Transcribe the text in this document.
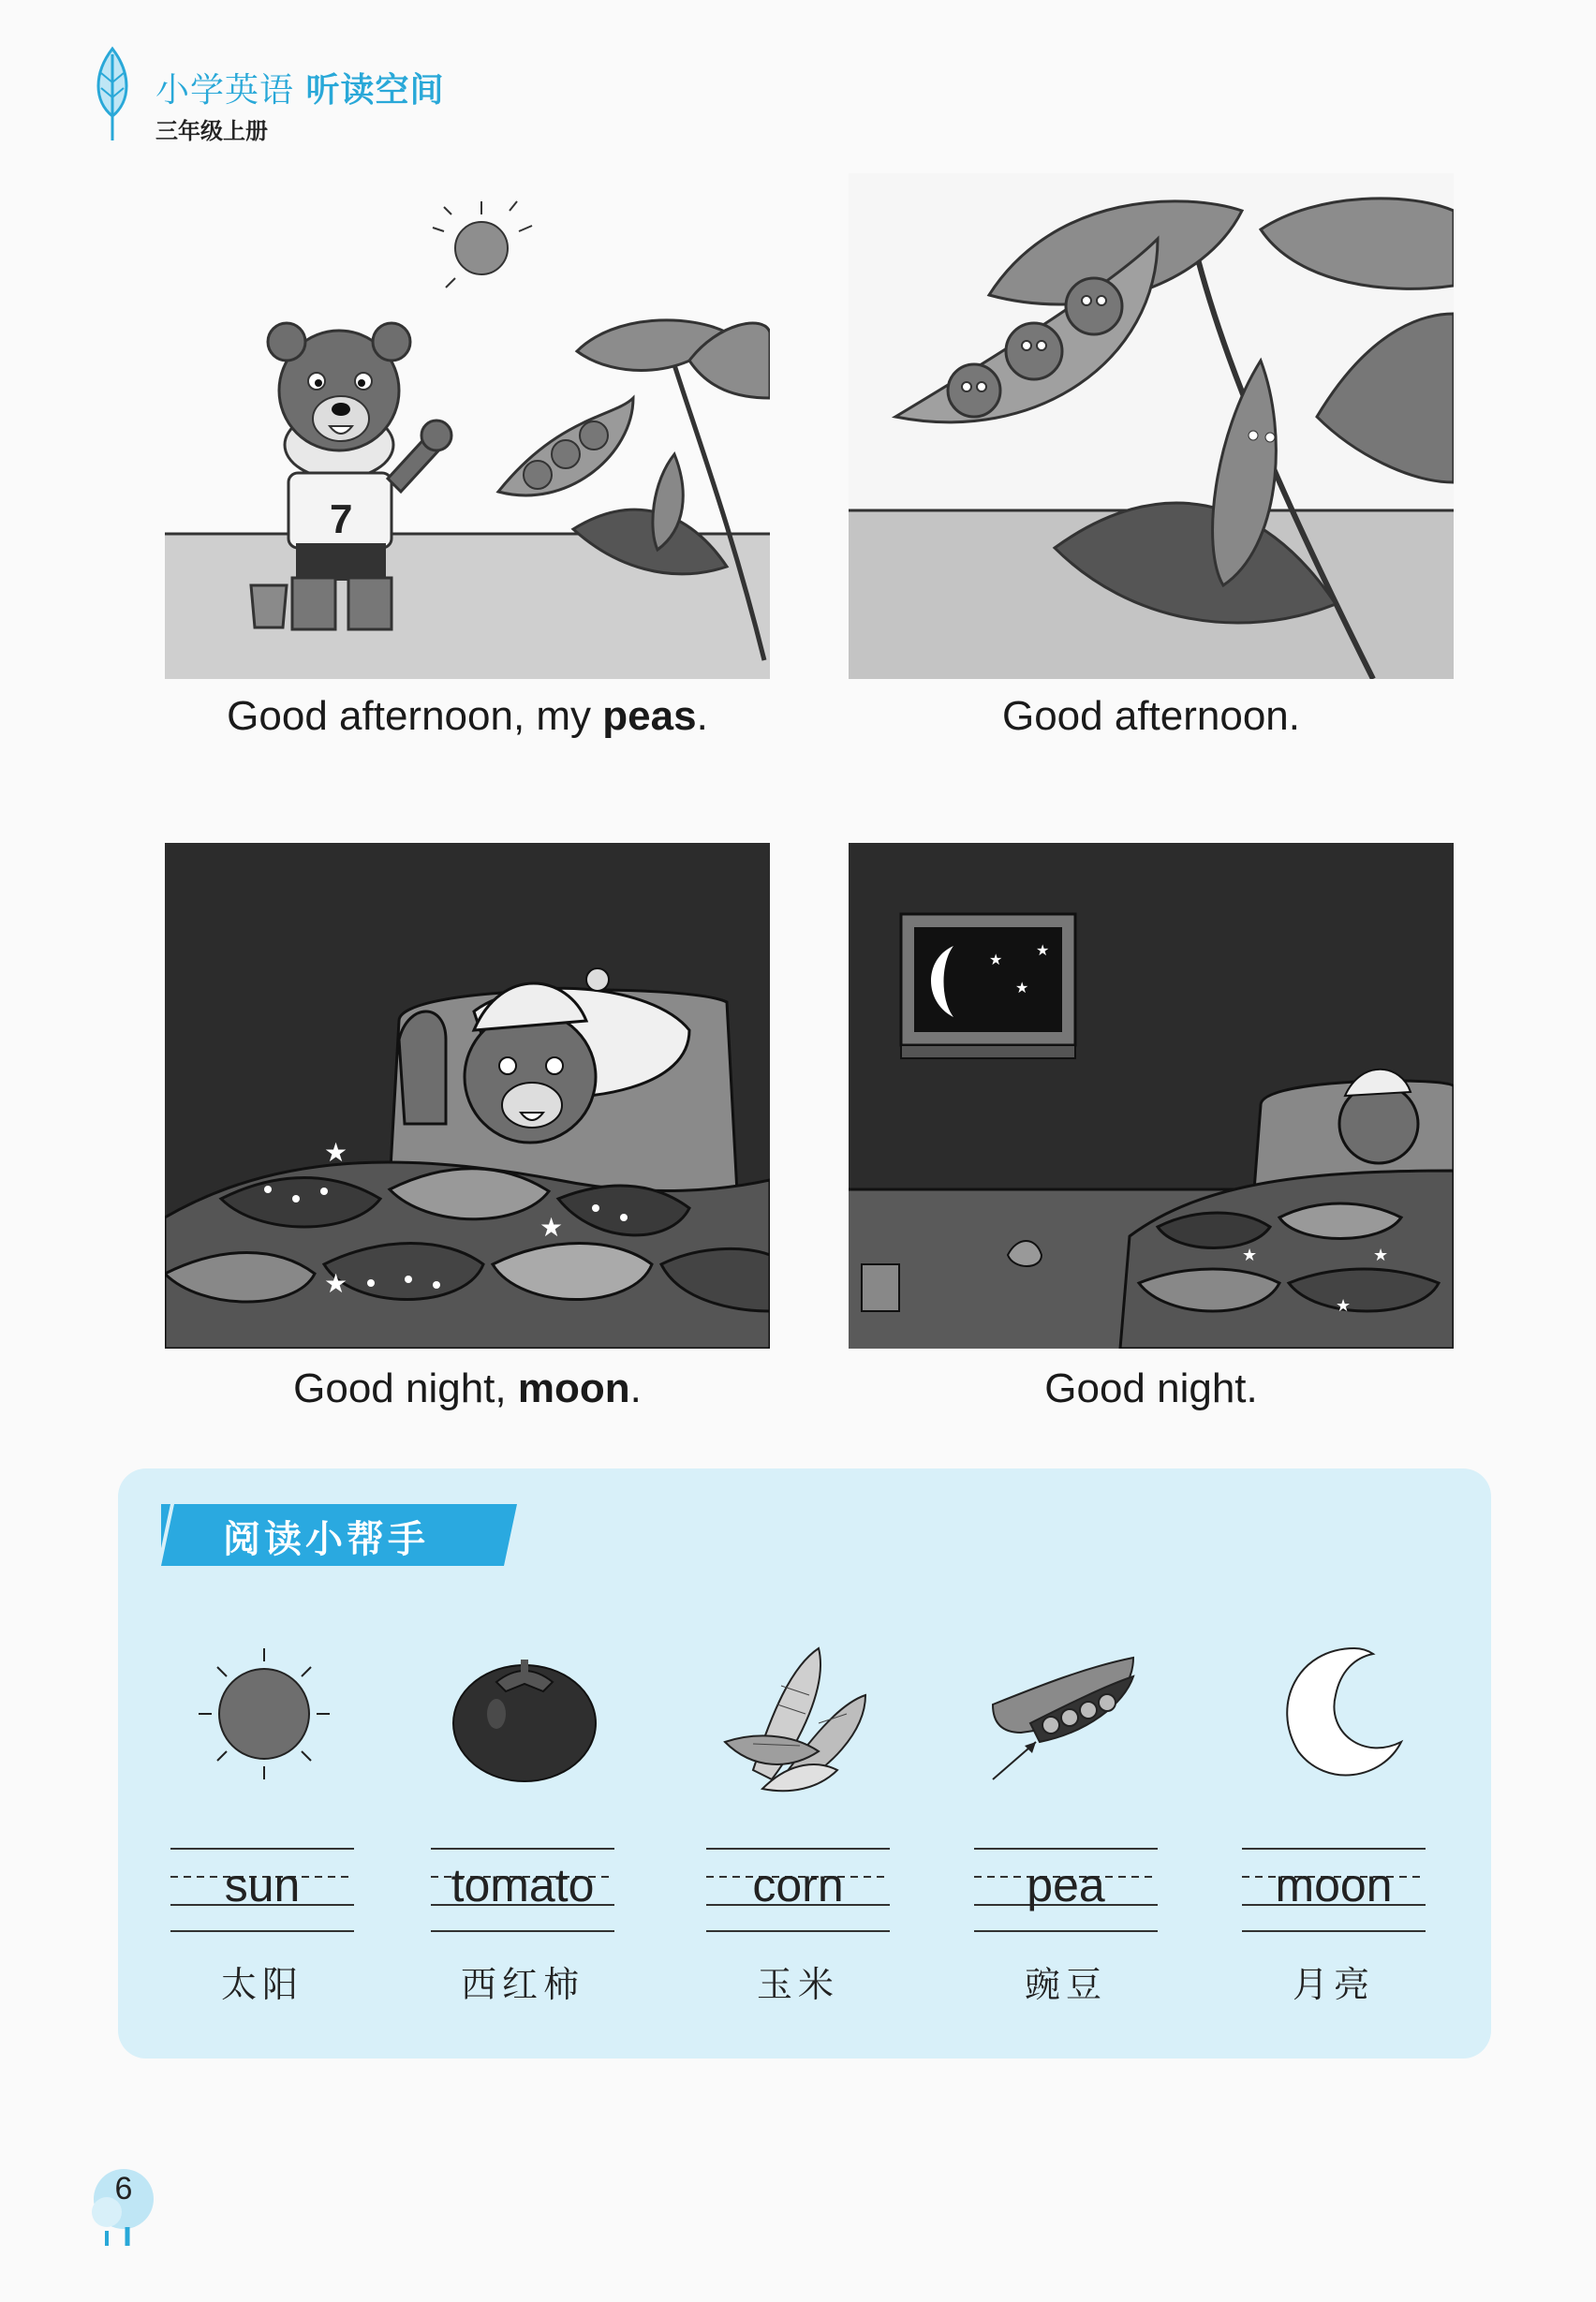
小学英语 听读空间
三年级上册
7
Good afternoon, my peas.	Good afternoon.
★
★
★
Good night, moon.
★
★
★
★	★
★
Good night.
阅读小帮手
sun
太阳
tomato
西红柿
corn
玉米
pea
豌豆
moon
月亮
6
